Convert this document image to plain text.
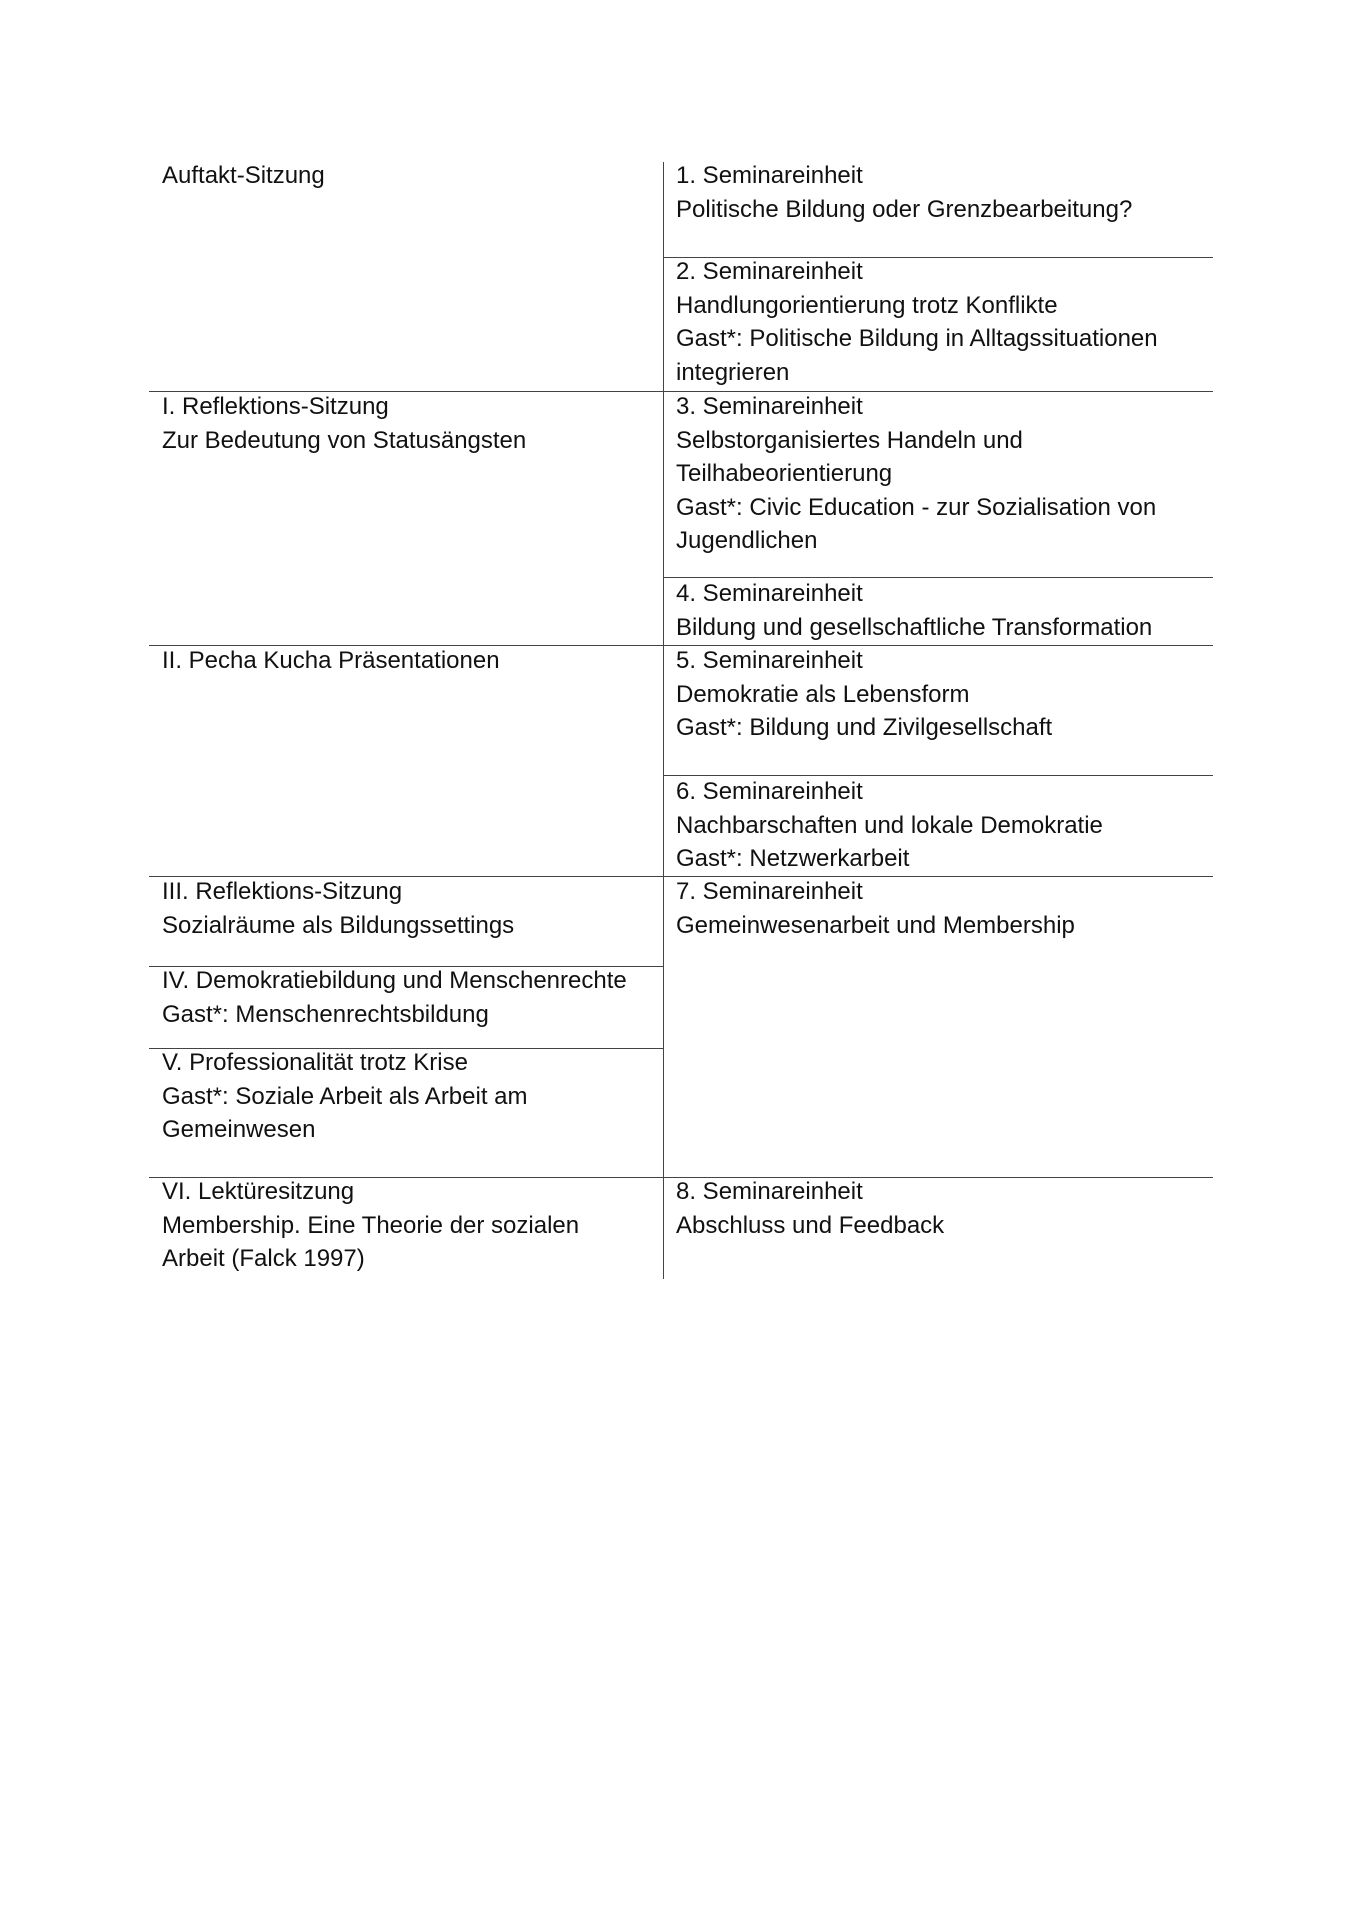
Auftakt-Sitzung
I. Reflektions-Sitzung
Zur Bedeutung von Statusängsten
II. Pecha Kucha Präsentationen
III. Reflektions-Sitzung
Sozialräume als Bildungssettings
IV. Demokratiebildung und Menschenrechte
Gast*: Menschenrechtsbildung
V. Professionalität trotz Krise
Gast*: Soziale Arbeit als Arbeit am
Gemeinwesen
VI. Lektüresitzung
Membership. Eine Theorie der sozialen
Arbeit (Falck 1997)
1. Seminareinheit
Politische Bildung oder Grenzbearbeitung?
2. Seminareinheit
Handlungorientierung trotz Konflikte
Gast*: Politische Bildung in Alltagssituationen
integrieren
3. Seminareinheit
Selbstorganisiertes Handeln und
Teilhabeorientierung
Gast*: Civic Education - zur Sozialisation von
Jugendlichen
4. Seminareinheit
Bildung und gesellschaftliche Transformation
5. Seminareinheit
Demokratie als Lebensform
Gast*: Bildung und Zivilgesellschaft
6. Seminareinheit
Nachbarschaften und lokale Demokratie
Gast*: Netzwerkarbeit
7. Seminareinheit
Gemeinwesenarbeit und Membership
8. Seminareinheit
Abschluss und Feedback
